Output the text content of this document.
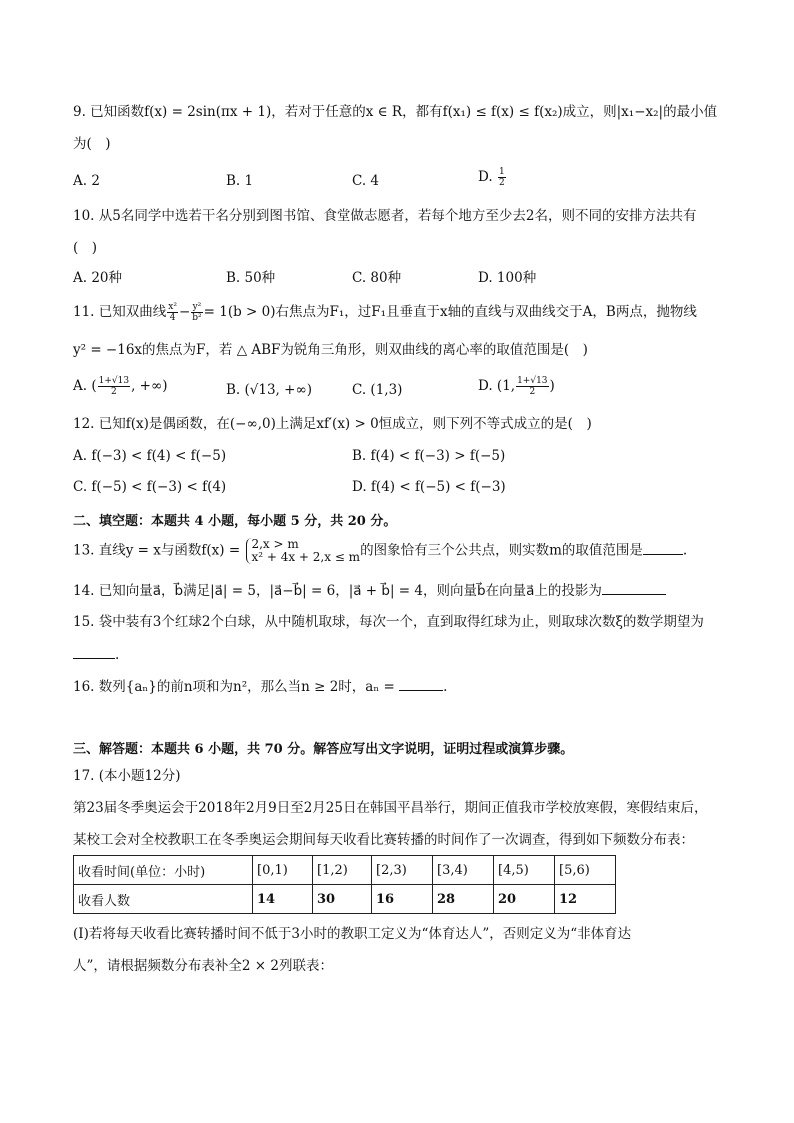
9. 已知函数f(x) = 2sin(πx + 1)，若对于任意的x ∈ R，都有f(x₁) ≤ f(x) ≤ f(x₂)成立，则|x₁−x₂|的最小值
为(　)
A. 2	B. 1	C. 4	D. $\frac{1}{2}$
10. 从5名同学中选若干名分别到图书馆、食堂做志愿者，若每个地方至少去2名，则不同的安排方法共有
(　)
A. 20种	B. 50种	C. 80种	D. 100种
11. 已知双曲线 $\frac{\text{x²}}{4} - \frac{\text{y²}}{\text{b²}} = 1(b > 0)$右焦点为F₁，过F₁且垂直于x轴的直线与双曲线交于A，B两点，抛物线
y² = −16x的焦点为F，若 △ ABF为锐角三角形，则双曲线的离心率的取值范围是(　)
A. ( $\frac{1+√13}{2}$ , +∞)	B. (√13, +∞)	C. (1,3)	D. (1, $\frac{1+√13}{2}$ )
12. 已知f(x)是偶函数，在(−∞,0)上满足xf′(x) > 0恒成立，则下列不等式成立的是(　)
A. f(−3) < f(4) < f(−5)	B. f(4) < f(−3) > f(−5)
C. f(−5) < f(−3) < f(4)	D. f(4) < f(−5) < f(−3)
二、填空题：本题共 4 小题，每小题 5 分，共 20 分。
13. 直线y = x与函数f(x) = 2,x > m
x² + 4x + 2,x ≤ m 的图象恰有三个公共点，则实数m的取值范围是	.
14. 已知向量a⃗，b⃗满足|a⃗| = 5，|a⃗−b⃗| = 6，|a⃗ + b⃗| = 4，则向量b⃗在向量a⃗上的投影为
15. 袋中装有3个红球2个白球，从中随机取球，每次一个，直到取得红球为止，则取球次数ξ的数学期望为
.
16. 数列{aₙ}的前n项和为n²，那么当n ≥ 2时，aₙ =	.
三、解答题：本题共 6 小题，共 70 分。解答应写出文字说明，证明过程或演算步骤。
17. (本小题12分)
第23届冬季奥运会于2018年2月9日至2月25日在韩国平昌举行，期间正值我市学校放寒假，寒假结束后，
某校工会对全校教职工在冬季奥运会期间每天收看比赛转播的时间作了一次调查，得到如下频数分布表：
收看时间(单位：小时)	[0,1)	[1,2)	[2,3)	[3,4)	[4,5)	[5,6)
收看人数	14	30	16	28	20	12
(Ⅰ)若将每天收看比赛转播时间不低于3小时的教职工定义为“体育达人”，否则定义为“非体育达
人”，请根据频数分布表补全2 × 2列联表：
